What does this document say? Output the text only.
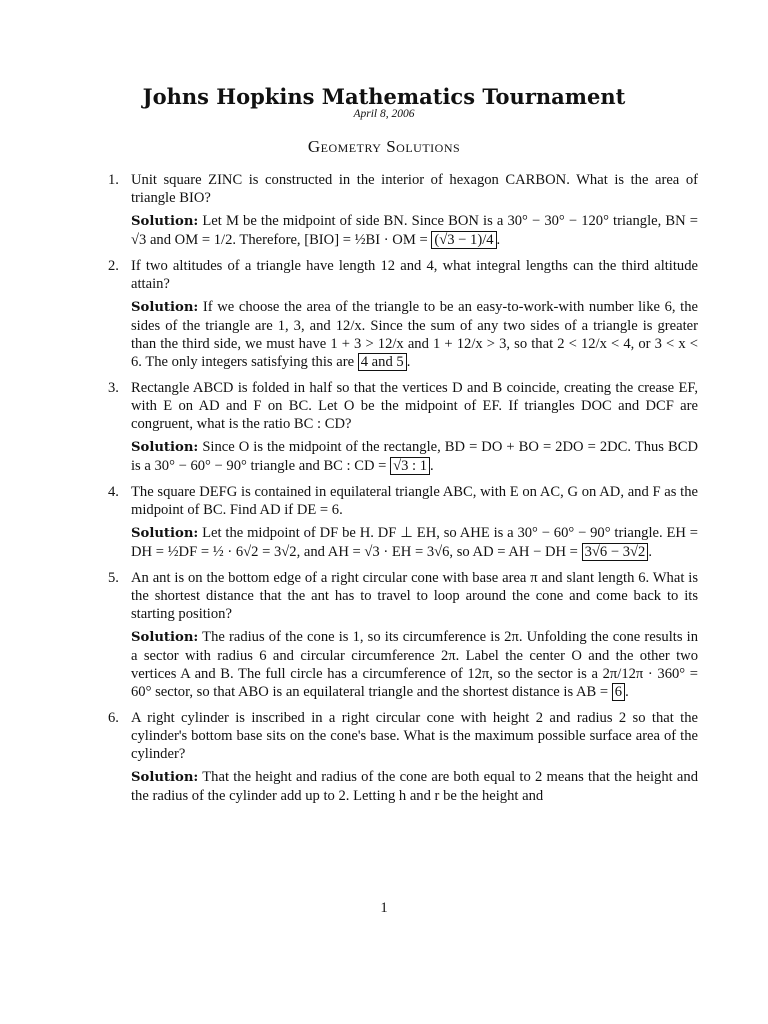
Johns Hopkins Mathematics Tournament
April 8, 2006
Geometry Solutions
1. Unit square ZINC is constructed in the interior of hexagon CARBON. What is the area of triangle BIO?
Solution: Let M be the midpoint of side BN. Since BON is a 30° − 30° − 120° triangle, BN = √3 and OM = 1/2. Therefore, [BIO] = ½BI · OM = (√3 − 1)/4 .
2. If two altitudes of a triangle have length 12 and 4, what integral lengths can the third altitude attain?
Solution: If we choose the area of the triangle to be an easy-to-work-with number like 6, the sides of the triangle are 1, 3, and 12/x. Since the sum of any two sides of a triangle is greater than the third side, we must have 1 + 3 > 12/x and 1 + 12/x > 3, so that 2 < 12/x < 4, or 3 < x < 6. The only integers satisfying this are 4 and 5 .
3. Rectangle ABCD is folded in half so that the vertices D and B coincide, creating the crease EF, with E on AD and F on BC. Let O be the midpoint of EF. If triangles DOC and DCF are congruent, what is the ratio BC : CD?
Solution: Since O is the midpoint of the rectangle, BD = DO + BO = 2DO = 2DC. Thus BCD is a 30° − 60° − 90° triangle and BC : CD = √3 : 1 .
4. The square DEFG is contained in equilateral triangle ABC, with E on AC, G on AD, and F as the midpoint of BC. Find AD if DE = 6.
Solution: Let the midpoint of DF be H. DF ⊥ EH, so AHE is a 30° − 60° − 90° triangle. EH = DH = ½DF = ½ · 6√2 = 3√2, and AH = √3 · EH = 3√6, so AD = AH − DH = 3√6 − 3√2 .
5. An ant is on the bottom edge of a right circular cone with base area π and slant length 6. What is the shortest distance that the ant has to travel to loop around the cone and come back to its starting position?
Solution: The radius of the cone is 1, so its circumference is 2π. Unfolding the cone results in a sector with radius 6 and circular circumference 2π. Label the center O and the other two vertices A and B. The full circle has a circumference of 12π, so the sector is a 2π/12π · 360° = 60° sector, so that ABO is an equilateral triangle and the shortest distance is AB = 6 .
6. A right cylinder is inscribed in a right circular cone with height 2 and radius 2 so that the cylinder's bottom base sits on the cone's base. What is the maximum possible surface area of the cylinder?
Solution: That the height and radius of the cone are both equal to 2 means that the height and the radius of the cylinder add up to 2. Letting h and r be the height and
1
